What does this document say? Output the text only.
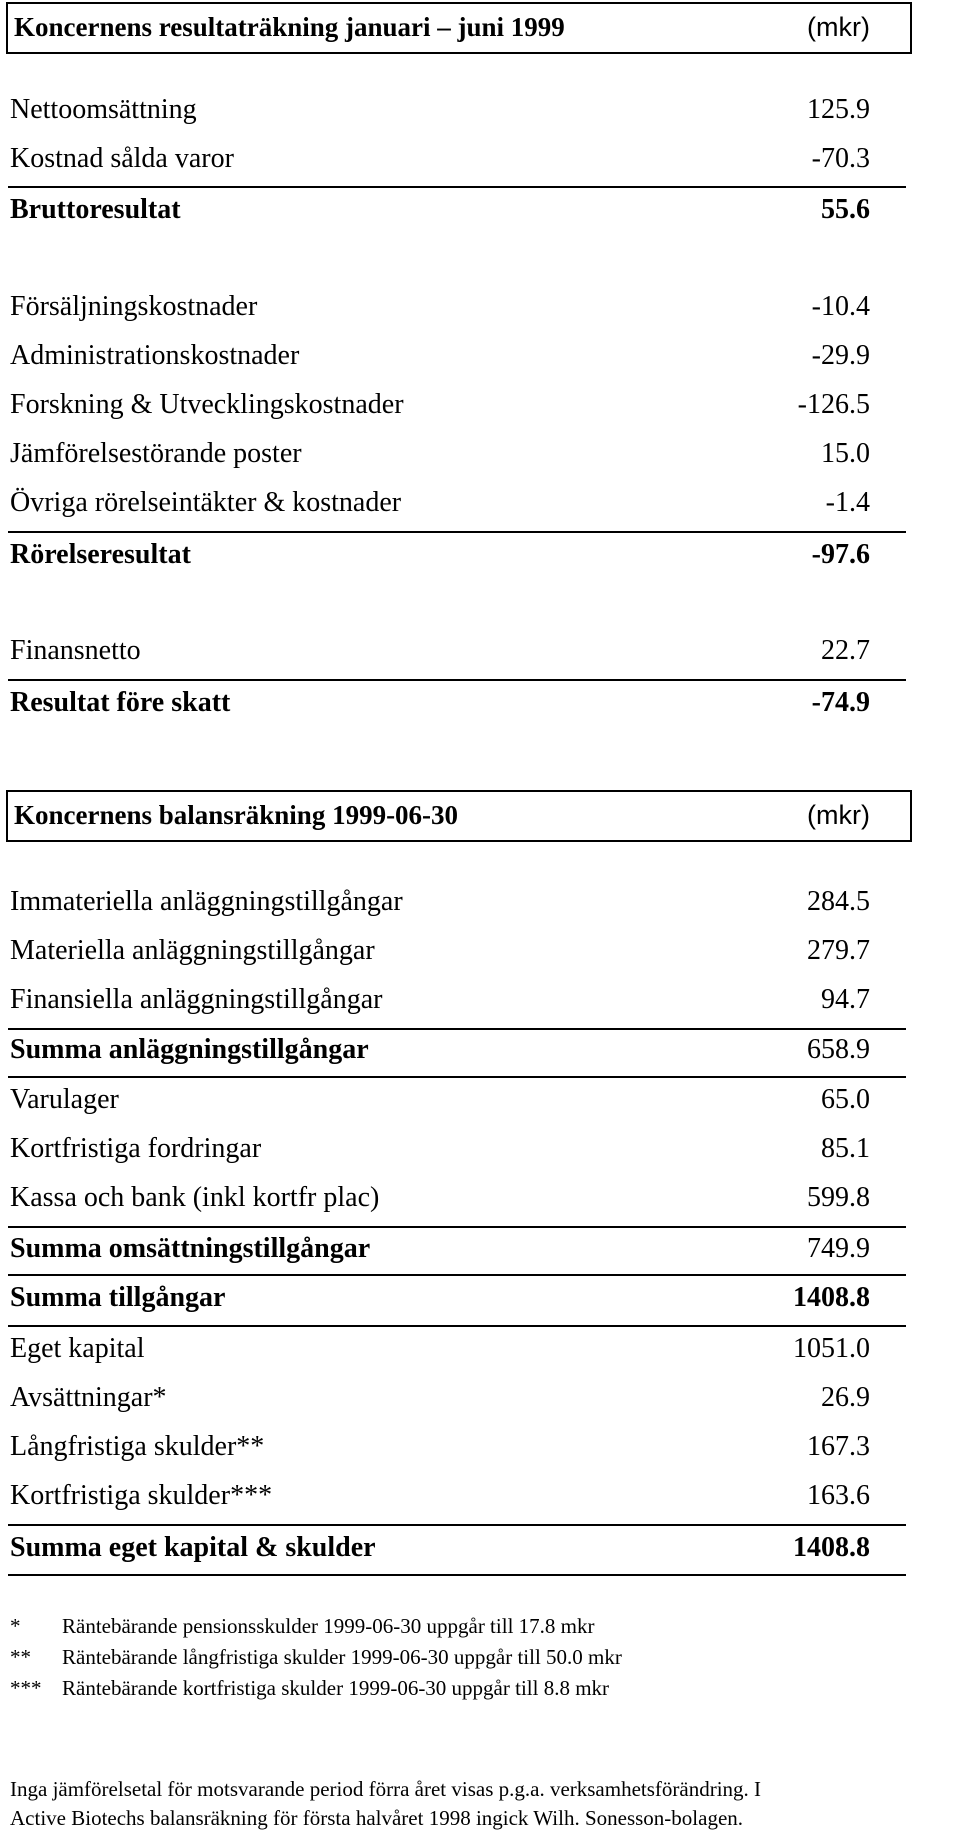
Koncernens resultaträkning januari – juni 1999	(mkr)
Nettoomsättning	125.9
Kostnad sålda varor	-70.3
Bruttoresultat	55.6
Försäljningskostnader	-10.4
Administrationskostnader	-29.9
Forskning & Utvecklingskostnader	-126.5
Jämförelsestörande poster	15.0
Övriga rörelseintäkter & kostnader	-1.4
Rörelseresultat	-97.6
Finansnetto	22.7
Resultat före skatt	-74.9
Koncernens balansräkning 1999-06-30	(mkr)
Immateriella anläggningstillgångar	284.5
Materiella anläggningstillgångar	279.7
Finansiella anläggningstillgångar	94.7
Summa anläggningstillgångar	658.9
Varulager	65.0
Kortfristiga fordringar	85.1
Kassa och bank (inkl kortfr plac)	599.8
Summa omsättningstillgångar	749.9
Summa tillgångar	1408.8
Eget kapital	1051.0
Avsättningar*	26.9
Långfristiga skulder**	167.3
Kortfristiga skulder***	163.6
Summa eget kapital & skulder	1408.8
* Räntebärande pensionsskulder 1999-06-30 uppgår till 17.8 mkr
** Räntebärande långfristiga skulder 1999-06-30 uppgår till 50.0 mkr
*** Räntebärande kortfristiga skulder 1999-06-30 uppgår till 8.8 mkr
Inga jämförelsetal för motsvarande period förra året visas p.g.a. verksamhetsförändring. I
Active Biotechs balansräkning för första halvåret 1998 ingick Wilh. Sonesson-bolagen.
